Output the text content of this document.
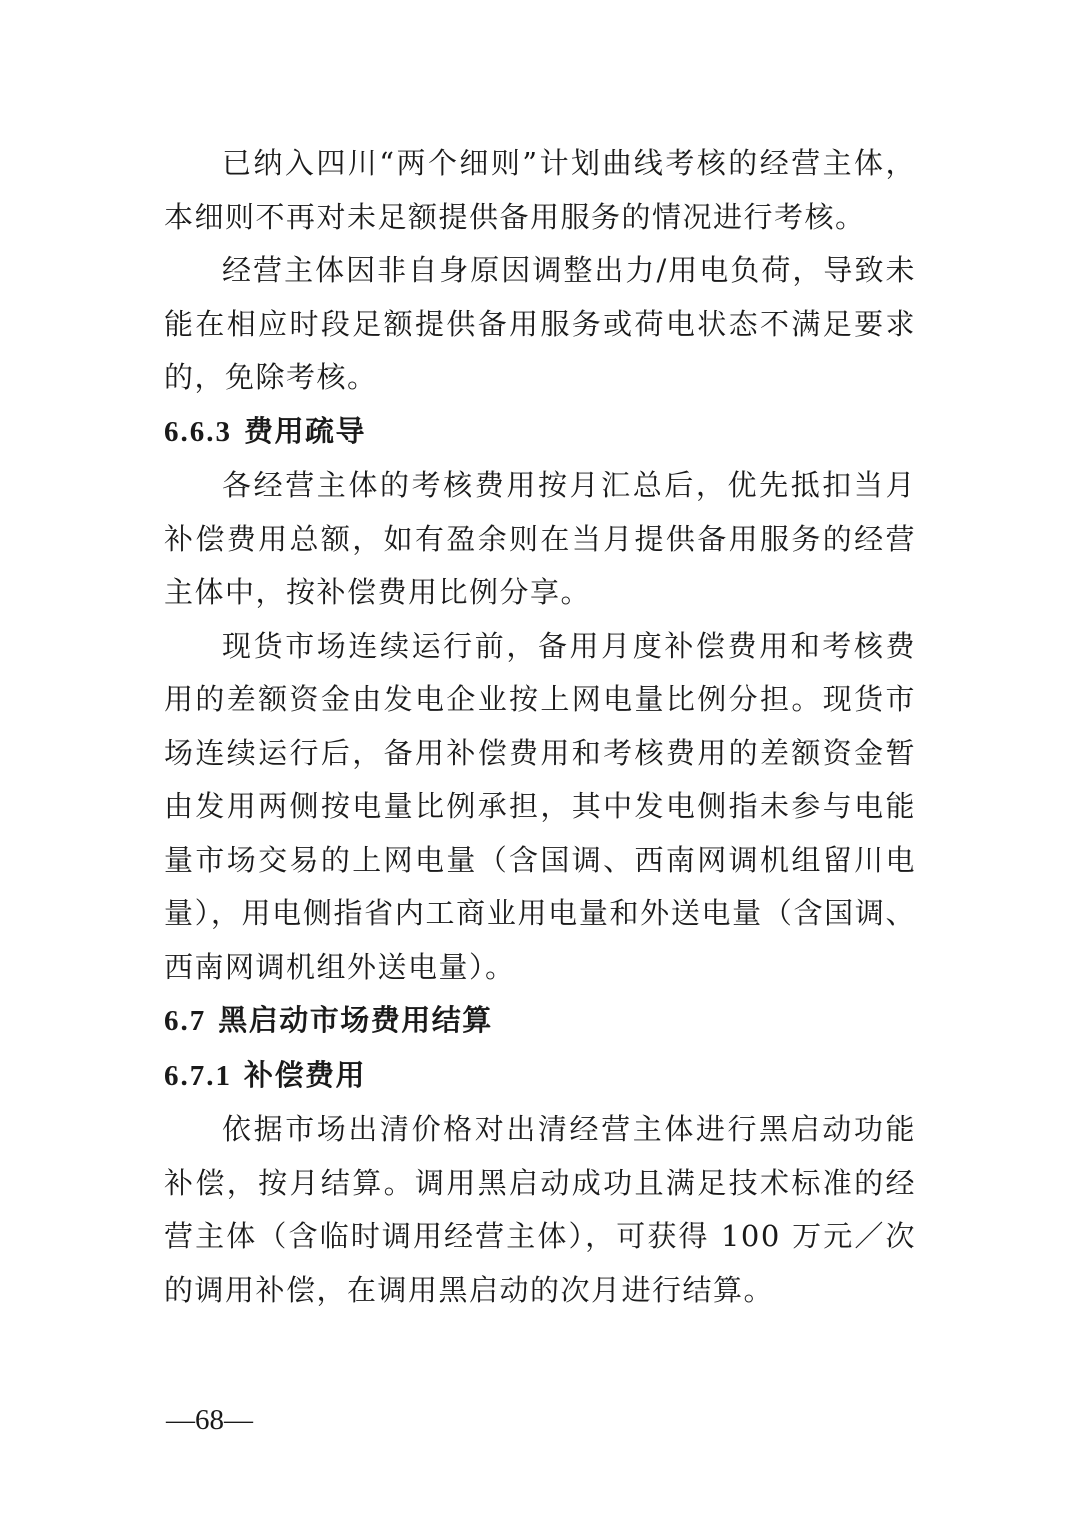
已纳入四川“两个细则”计划曲线考核的经营主体，本细则不再对未足额提供备用服务的情况进行考核。

经营主体因非自身原因调整出力/用电负荷，导致未能在相应时段足额提供备用服务或荷电状态不满足要求的，免除考核。

6.6.3 费用疏导

各经营主体的考核费用按月汇总后，优先抵扣当月补偿费用总额，如有盈余则在当月提供备用服务的经营主体中，按补偿费用比例分享。

现货市场连续运行前，备用月度补偿费用和考核费用的差额资金由发电企业按上网电量比例分担。现货市场连续运行后，备用补偿费用和考核费用的差额资金暂由发用两侧按电量比例承担，其中发电侧指未参与电能量市场交易的上网电量（含国调、西南网调机组留川电量），用电侧指省内工商业用电量和外送电量（含国调、西南网调机组外送电量）。

6.7 黑启动市场费用结算
6.7.1 补偿费用

依据市场出清价格对出清经营主体进行黑启动功能补偿，按月结算。调用黑启动成功且满足技术标准的经营主体（含临时调用经营主体），可获得 100 万元／次的调用补偿，在调用黑启动的次月进行结算。

—68—
